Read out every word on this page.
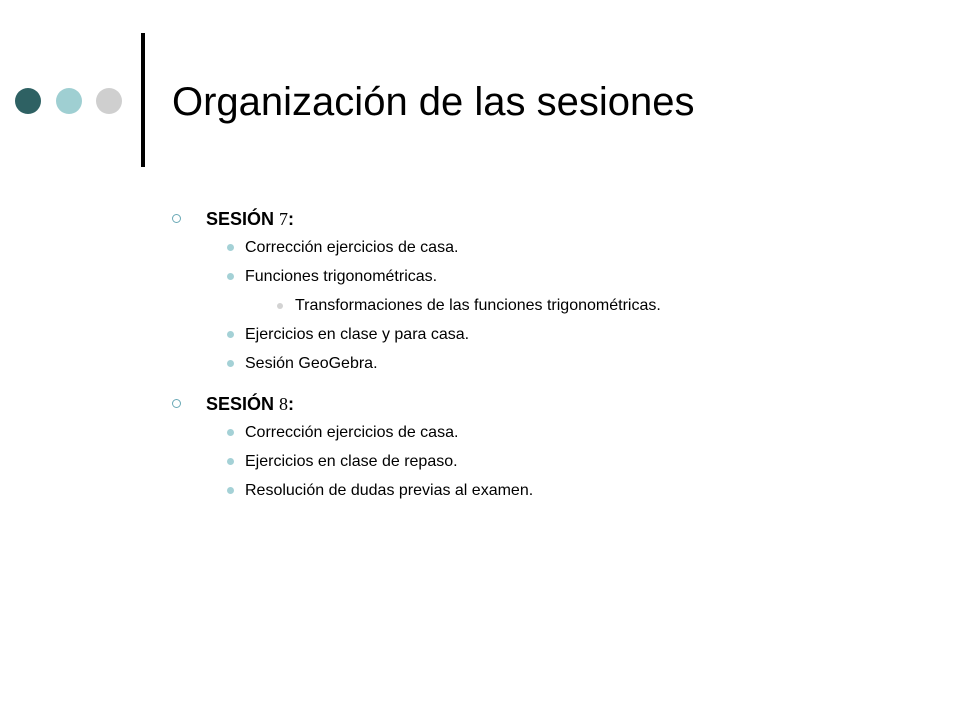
Organización de las sesiones
SESIÓN 7:
Corrección ejercicios de casa.
Funciones trigonométricas.
Transformaciones de las funciones trigonométricas.
Ejercicios en clase y para casa.
Sesión GeoGebra.
SESIÓN 8:
Corrección ejercicios de casa.
Ejercicios en clase de repaso.
Resolución de dudas previas al examen.
